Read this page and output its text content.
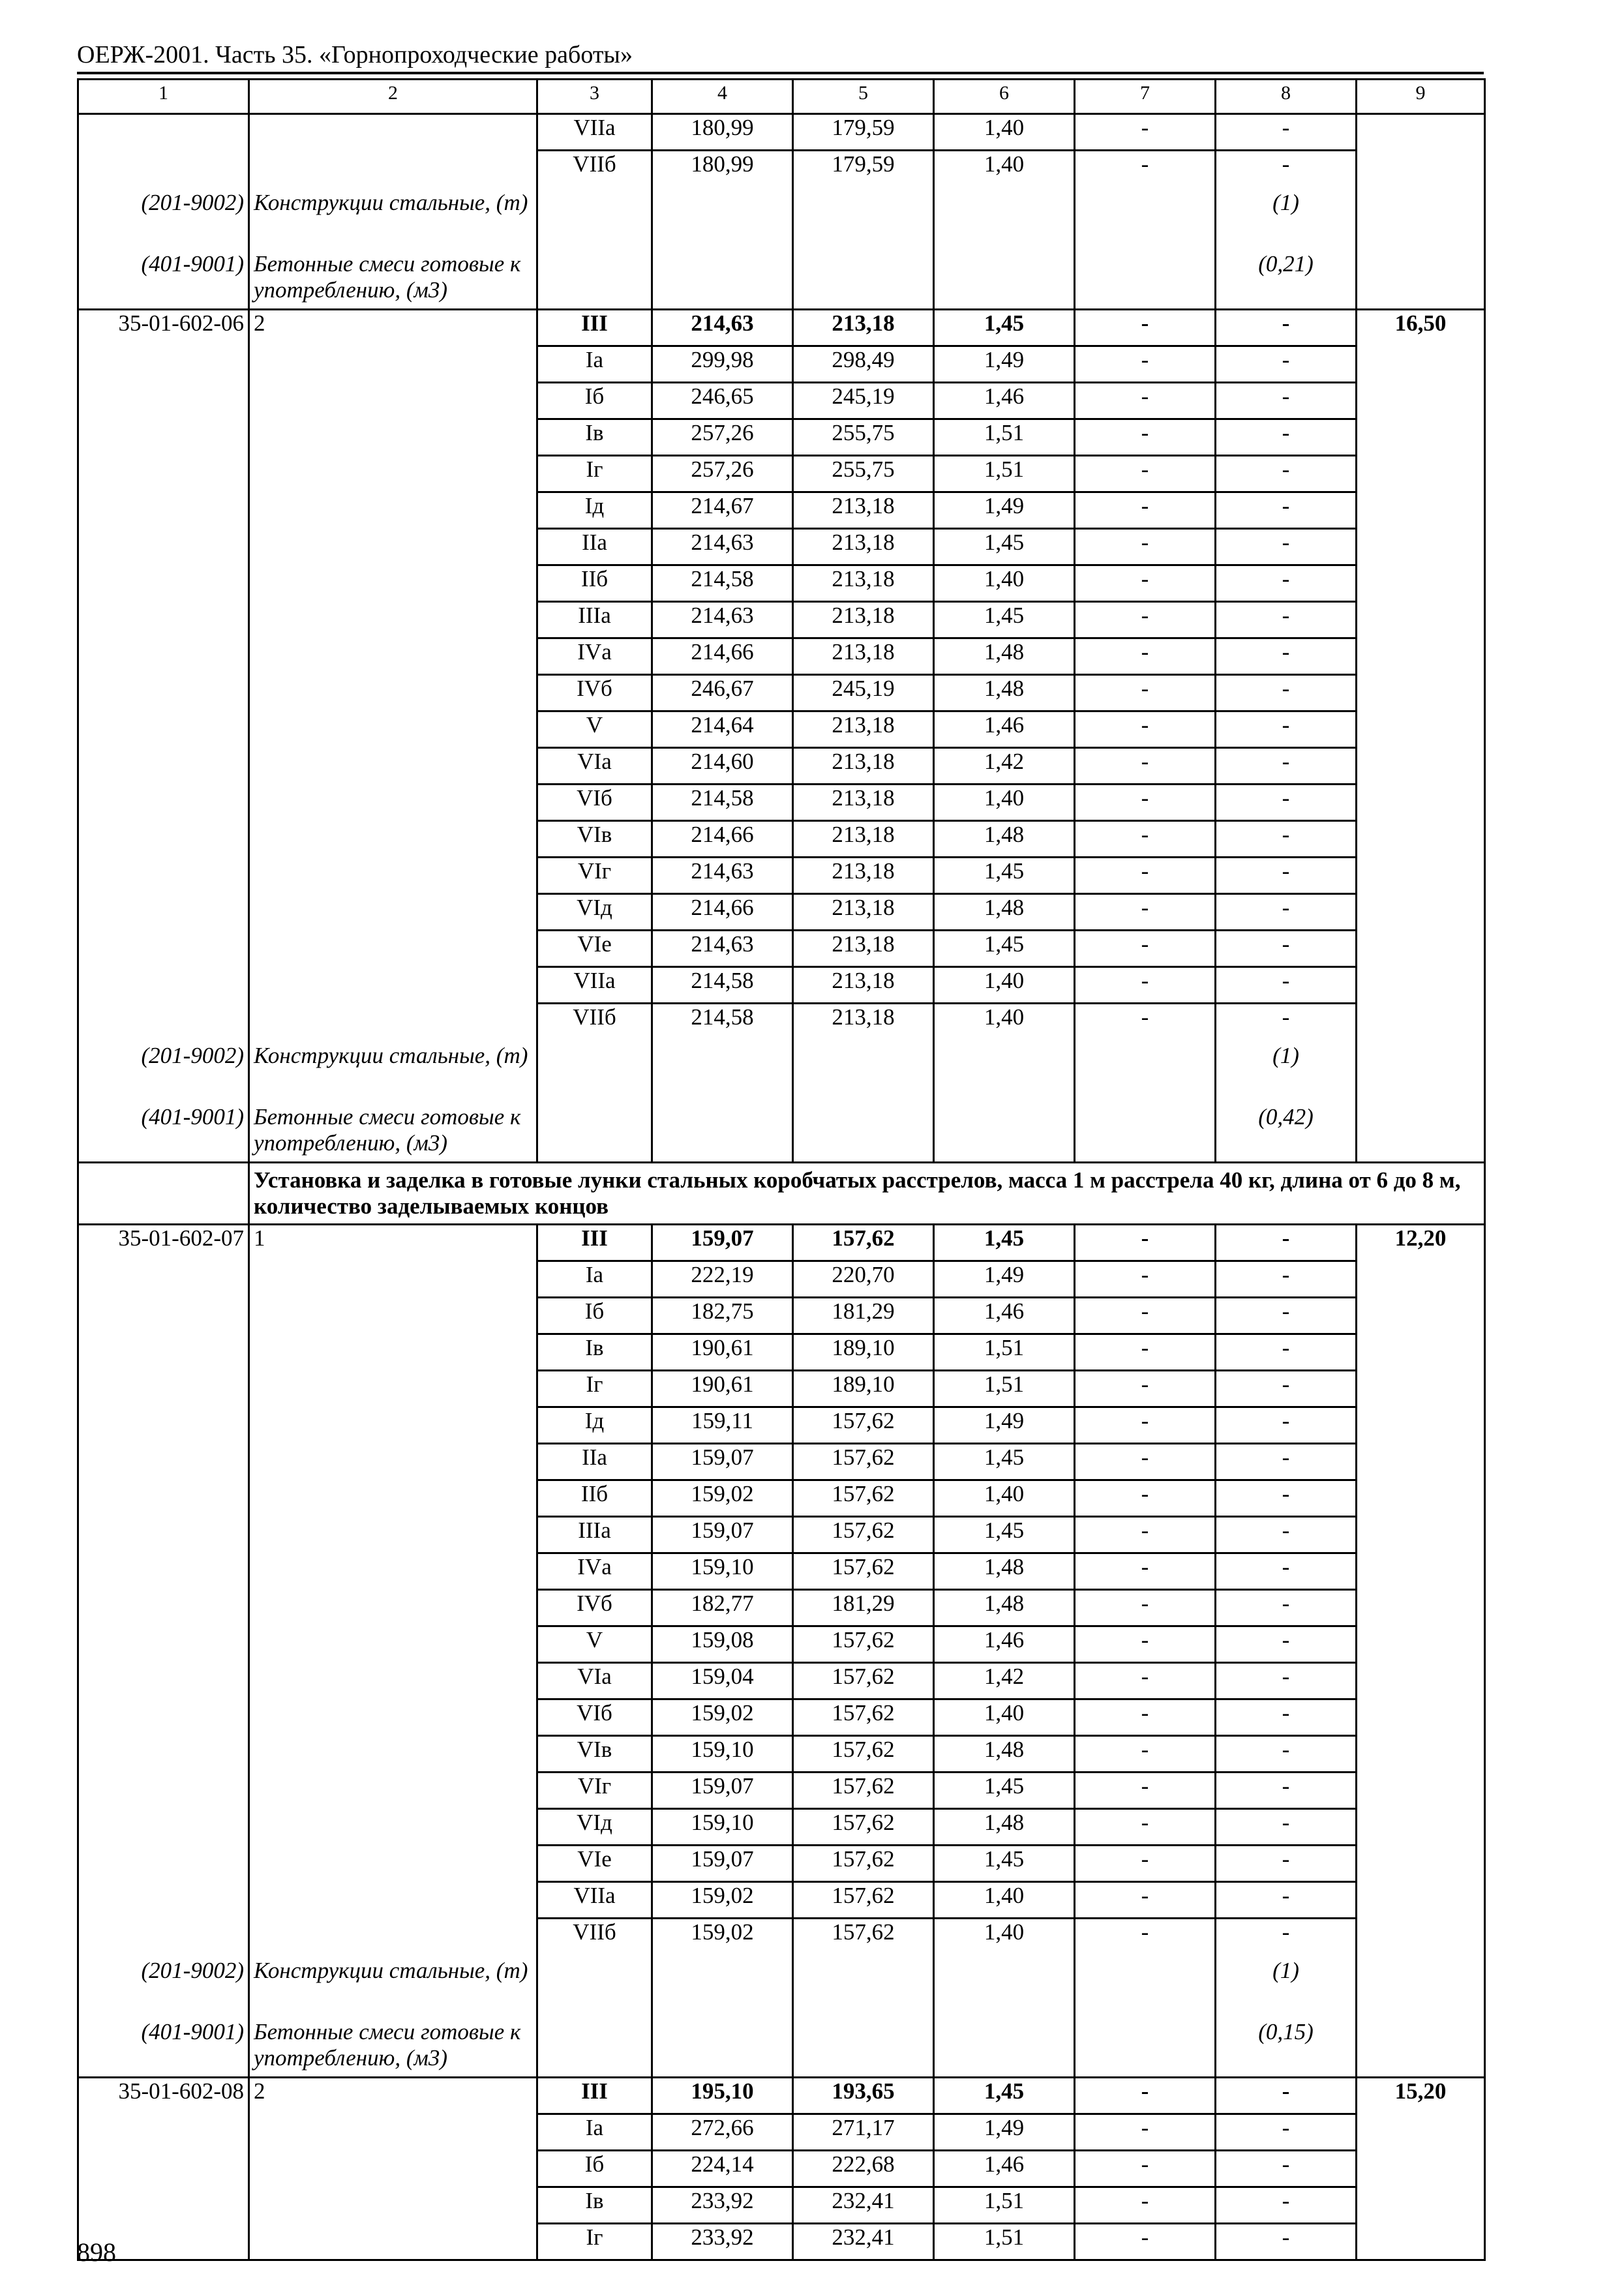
ОЕРЖ-2001. Часть 35. «Горнопроходческие работы»
1	2	3	4	5	6	7	8	9
		VIIа	180,99	179,59	1,40	-	-	
		VIIб	180,99	179,59	1,40	-	-	
(201-9002)	Конструкции стальные, (т)						(1)	
(401-9001)	Бетонные смеси готовые к употреблению, (м3)						(0,21)	
35-01-602-06	2	III	214,63	213,18	1,45	-	-	16,50
		Iа	299,98	298,49	1,49	-	-	
		Iб	246,65	245,19	1,46	-	-	
		Iв	257,26	255,75	1,51	-	-	
		Iг	257,26	255,75	1,51	-	-	
		Iд	214,67	213,18	1,49	-	-	
		IIа	214,63	213,18	1,45	-	-	
		IIб	214,58	213,18	1,40	-	-	
		IIIа	214,63	213,18	1,45	-	-	
		IVа	214,66	213,18	1,48	-	-	
		IVб	246,67	245,19	1,48	-	-	
		V	214,64	213,18	1,46	-	-	
		VIа	214,60	213,18	1,42	-	-	
		VIб	214,58	213,18	1,40	-	-	
		VIв	214,66	213,18	1,48	-	-	
		VIг	214,63	213,18	1,45	-	-	
		VIд	214,66	213,18	1,48	-	-	
		VIе	214,63	213,18	1,45	-	-	
		VIIа	214,58	213,18	1,40	-	-	
		VIIб	214,58	213,18	1,40	-	-	
(201-9002)	Конструкции стальные, (т)						(1)	
(401-9001)	Бетонные смеси готовые к употреблению, (м3)						(0,42)	
	Установка и заделка в готовые лунки стальных коробчатых расстрелов, масса 1 м расстрела 40 кг, длина от 6 до 8 м, количество заделываемых концов							
35-01-602-07	1	III	159,07	157,62	1,45	-	-	12,20
		Iа	222,19	220,70	1,49	-	-	
		Iб	182,75	181,29	1,46	-	-	
		Iв	190,61	189,10	1,51	-	-	
		Iг	190,61	189,10	1,51	-	-	
		Iд	159,11	157,62	1,49	-	-	
		IIа	159,07	157,62	1,45	-	-	
		IIб	159,02	157,62	1,40	-	-	
		IIIа	159,07	157,62	1,45	-	-	
		IVа	159,10	157,62	1,48	-	-	
		IVб	182,77	181,29	1,48	-	-	
		V	159,08	157,62	1,46	-	-	
		VIа	159,04	157,62	1,42	-	-	
		VIб	159,02	157,62	1,40	-	-	
		VIв	159,10	157,62	1,48	-	-	
		VIг	159,07	157,62	1,45	-	-	
		VIд	159,10	157,62	1,48	-	-	
		VIе	159,07	157,62	1,45	-	-	
		VIIа	159,02	157,62	1,40	-	-	
		VIIб	159,02	157,62	1,40	-	-	
(201-9002)	Конструкции стальные, (т)						(1)	
(401-9001)	Бетонные смеси готовые к употреблению, (м3)						(0,15)	
35-01-602-08	2	III	195,10	193,65	1,45	-	-	15,20
		Iа	272,66	271,17	1,49	-	-	
		Iб	224,14	222,68	1,46	-	-	
		Iв	233,92	232,41	1,51	-	-	
		Iг	233,92	232,41	1,51	-	-	
898
